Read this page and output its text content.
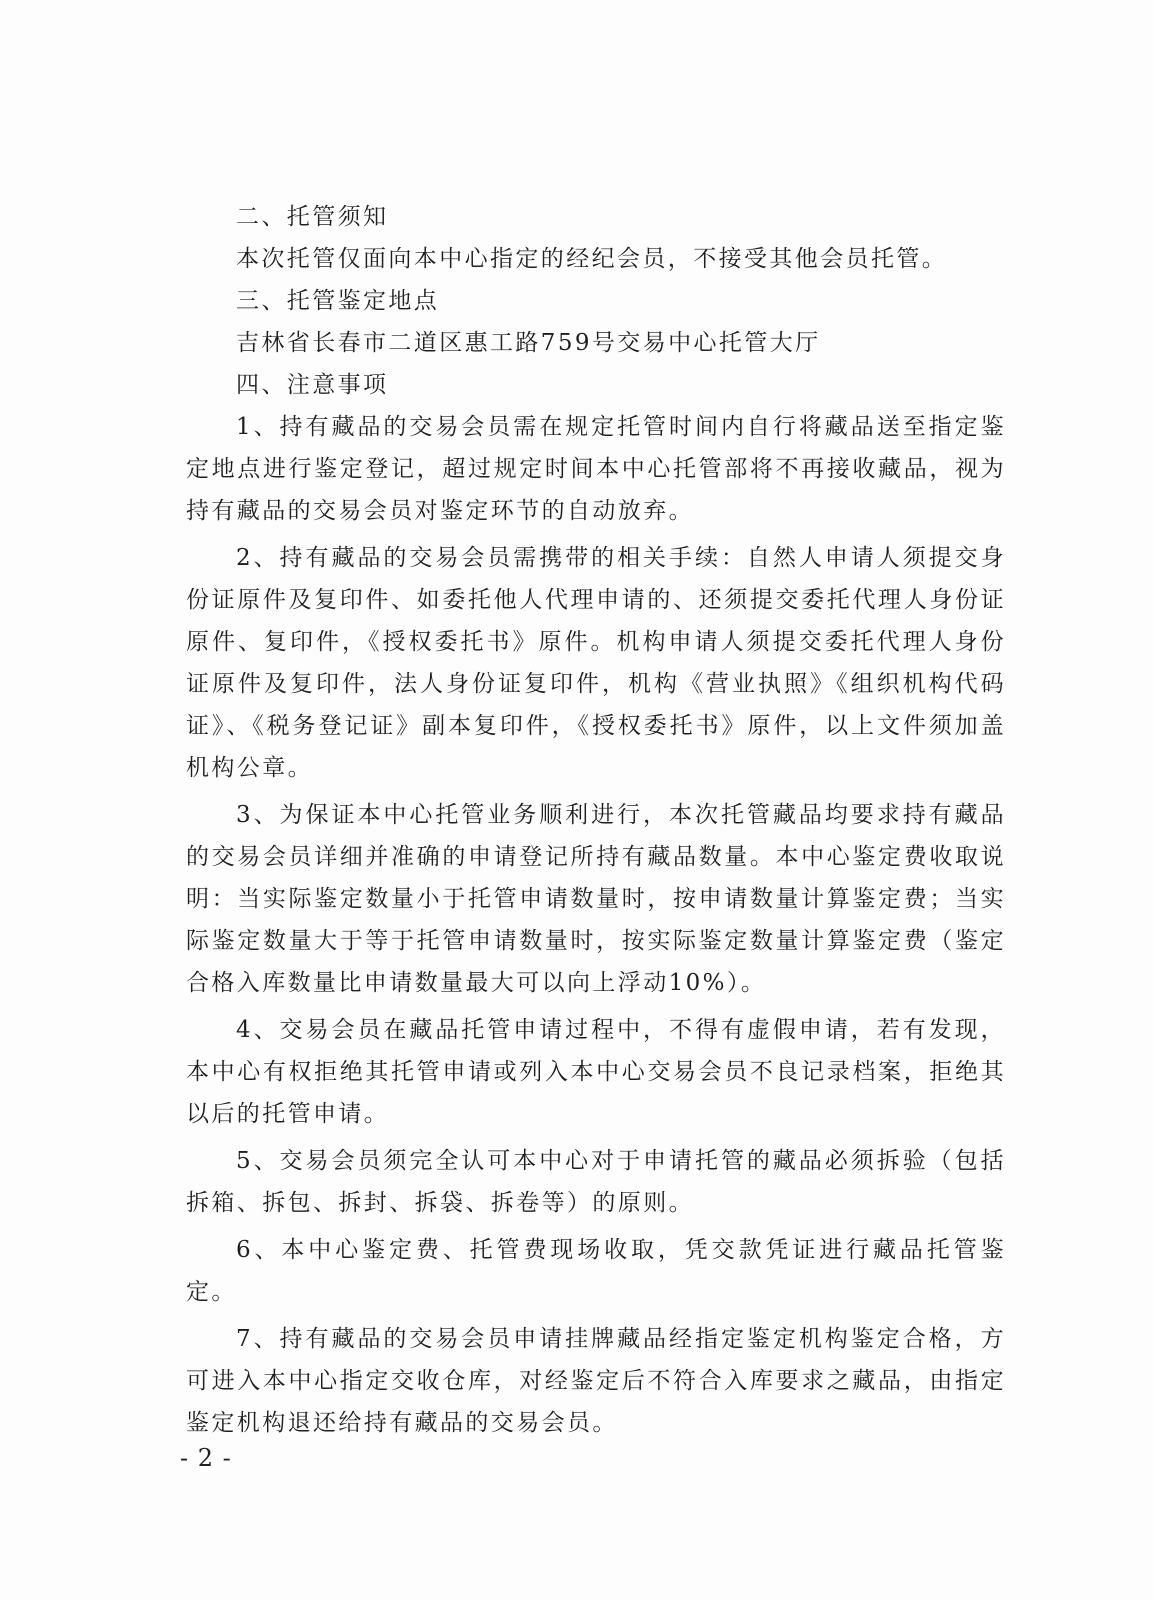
二、托管须知

本次托管仅面向本中心指定的经纪会员，不接受其他会员托管。

三、托管鉴定地点

吉林省长春市二道区惠工路759号交易中心托管大厅

四、注意事项

1、持有藏品的交易会员需在规定托管时间内自行将藏品送至指定鉴定地点进行鉴定登记，超过规定时间本中心托管部将不再接收藏品，视为持有藏品的交易会员对鉴定环节的自动放弃。

2、持有藏品的交易会员需携带的相关手续：自然人申请人须提交身份证原件及复印件、如委托他人代理申请的、还须提交委托代理人身份证原件、复印件，《授权委托书》原件。机构申请人须提交委托代理人身份证原件及复印件，法人身份证复印件，机构《营业执照》《组织机构代码证》、《税务登记证》副本复印件，《授权委托书》原件，以上文件须加盖机构公章。

3、为保证本中心托管业务顺利进行，本次托管藏品均要求持有藏品的交易会员详细并准确的申请登记所持有藏品数量。本中心鉴定费收取说明：当实际鉴定数量小于托管申请数量时，按申请数量计算鉴定费；当实际鉴定数量大于等于托管申请数量时，按实际鉴定数量计算鉴定费（鉴定合格入库数量比申请数量最大可以向上浮动10%）。

4、交易会员在藏品托管申请过程中，不得有虚假申请，若有发现，本中心有权拒绝其托管申请或列入本中心交易会员不良记录档案，拒绝其以后的托管申请。

5、交易会员须完全认可本中心对于申请托管的藏品必须拆验（包括拆箱、拆包、拆封、拆袋、拆卷等）的原则。

6、本中心鉴定费、托管费现场收取，凭交款凭证进行藏品托管鉴定。

7、持有藏品的交易会员申请挂牌藏品经指定鉴定机构鉴定合格，方可进入本中心指定交收仓库，对经鉴定后不符合入库要求之藏品，由指定鉴定机构退还给持有藏品的交易会员。

- 2 -
